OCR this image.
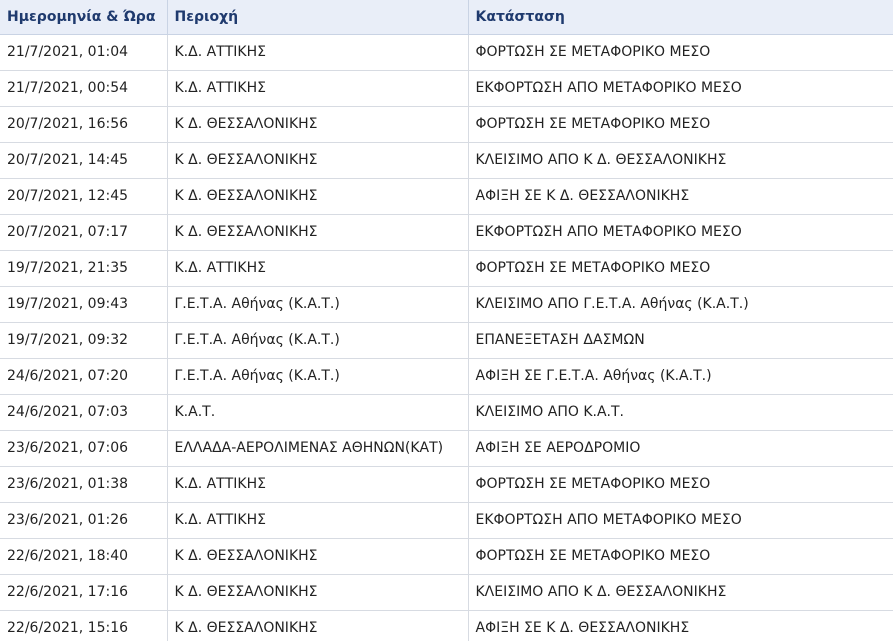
Ημερομηνία & Ώρα	Περιοχή	Κατάσταση
21/7/2021, 01:04	Κ.Δ. ΑΤΤΙΚΗΣ	ΦΟΡΤΩΣΗ ΣΕ ΜΕΤΑΦΟΡΙΚΟ ΜΕΣΟ
21/7/2021, 00:54	Κ.Δ. ΑΤΤΙΚΗΣ	ΕΚΦΟΡΤΩΣΗ ΑΠΟ ΜΕΤΑΦΟΡΙΚΟ ΜΕΣΟ
20/7/2021, 16:56	Κ Δ. ΘΕΣΣΑΛΟΝΙΚΗΣ	ΦΟΡΤΩΣΗ ΣΕ ΜΕΤΑΦΟΡΙΚΟ ΜΕΣΟ
20/7/2021, 14:45	Κ Δ. ΘΕΣΣΑΛΟΝΙΚΗΣ	ΚΛΕΙΣΙΜΟ ΑΠΟ Κ Δ. ΘΕΣΣΑΛΟΝΙΚΗΣ
20/7/2021, 12:45	Κ Δ. ΘΕΣΣΑΛΟΝΙΚΗΣ	ΑΦΙΞΗ ΣΕ Κ Δ. ΘΕΣΣΑΛΟΝΙΚΗΣ
20/7/2021, 07:17	Κ Δ. ΘΕΣΣΑΛΟΝΙΚΗΣ	ΕΚΦΟΡΤΩΣΗ ΑΠΟ ΜΕΤΑΦΟΡΙΚΟ ΜΕΣΟ
19/7/2021, 21:35	Κ.Δ. ΑΤΤΙΚΗΣ	ΦΟΡΤΩΣΗ ΣΕ ΜΕΤΑΦΟΡΙΚΟ ΜΕΣΟ
19/7/2021, 09:43	Γ.Ε.Τ.Α. Αθήνας (Κ.Α.Τ.)	ΚΛΕΙΣΙΜΟ ΑΠΟ Γ.Ε.Τ.Α. Αθήνας (Κ.Α.Τ.)
19/7/2021, 09:32	Γ.Ε.Τ.Α. Αθήνας (Κ.Α.Τ.)	ΕΠΑΝΕΞΕΤΑΣΗ ΔΑΣΜΩΝ
24/6/2021, 07:20	Γ.Ε.Τ.Α. Αθήνας (Κ.Α.Τ.)	ΑΦΙΞΗ ΣΕ Γ.Ε.Τ.Α. Αθήνας (Κ.Α.Τ.)
24/6/2021, 07:03	Κ.Α.Τ.	ΚΛΕΙΣΙΜΟ ΑΠΟ Κ.Α.Τ.
23/6/2021, 07:06	ΕΛΛΑΔΑ-ΑΕΡΟΛΙΜΕΝΑΣ ΑΘΗΝΩΝ(ΚΑΤ)	ΑΦΙΞΗ ΣΕ ΑΕΡΟΔΡΟΜΙΟ
23/6/2021, 01:38	Κ.Δ. ΑΤΤΙΚΗΣ	ΦΟΡΤΩΣΗ ΣΕ ΜΕΤΑΦΟΡΙΚΟ ΜΕΣΟ
23/6/2021, 01:26	Κ.Δ. ΑΤΤΙΚΗΣ	ΕΚΦΟΡΤΩΣΗ ΑΠΟ ΜΕΤΑΦΟΡΙΚΟ ΜΕΣΟ
22/6/2021, 18:40	Κ Δ. ΘΕΣΣΑΛΟΝΙΚΗΣ	ΦΟΡΤΩΣΗ ΣΕ ΜΕΤΑΦΟΡΙΚΟ ΜΕΣΟ
22/6/2021, 17:16	Κ Δ. ΘΕΣΣΑΛΟΝΙΚΗΣ	ΚΛΕΙΣΙΜΟ ΑΠΟ Κ Δ. ΘΕΣΣΑΛΟΝΙΚΗΣ
22/6/2021, 15:16	Κ Δ. ΘΕΣΣΑΛΟΝΙΚΗΣ	ΑΦΙΞΗ ΣΕ Κ Δ. ΘΕΣΣΑΛΟΝΙΚΗΣ
